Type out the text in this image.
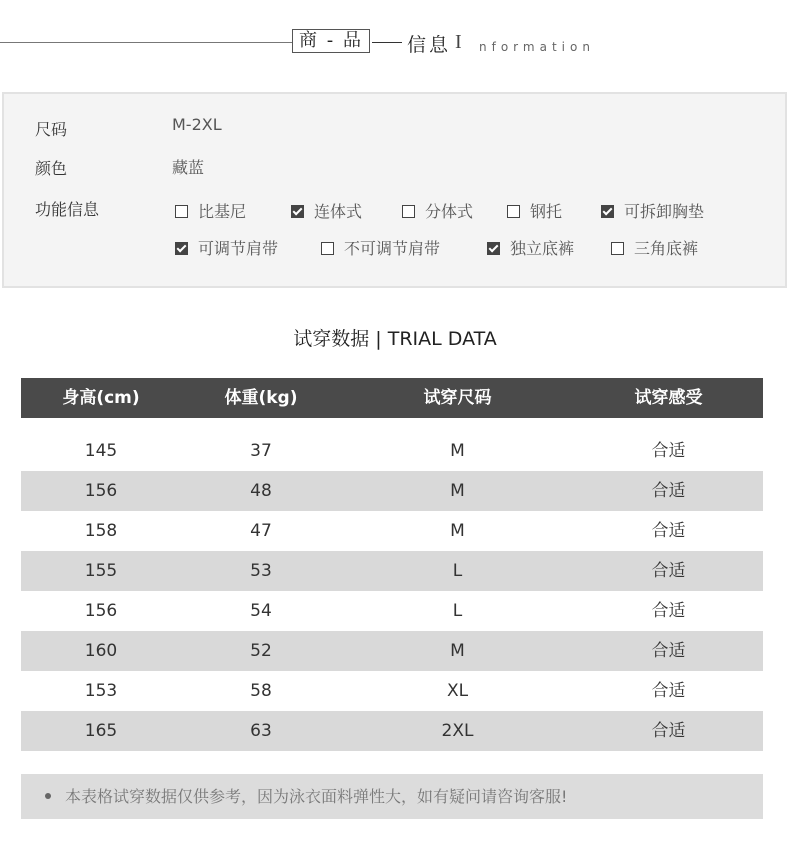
商 - 品	信息 I nformation
尺码	M-2XL
颜色	藏蓝
功能信息	比基尼	连体式	分体式	钢托	可拆卸胸垫
可调节肩带	不可调节肩带	独立底裤	三角底裤
试穿数据 | TRIAL DATA
身高(cm)	体重(kg)	试穿尺码	试穿感受
145	37	M	合适
156	48	M	合适
158	47	M	合适
155	53	L	合适
156	54	L	合适
160	52	M	合适
153	58	XL	合适
165	63	2XL	合适
本表格试穿数据仅供参考，因为泳衣面料弹性大，如有疑问请咨询客服!
